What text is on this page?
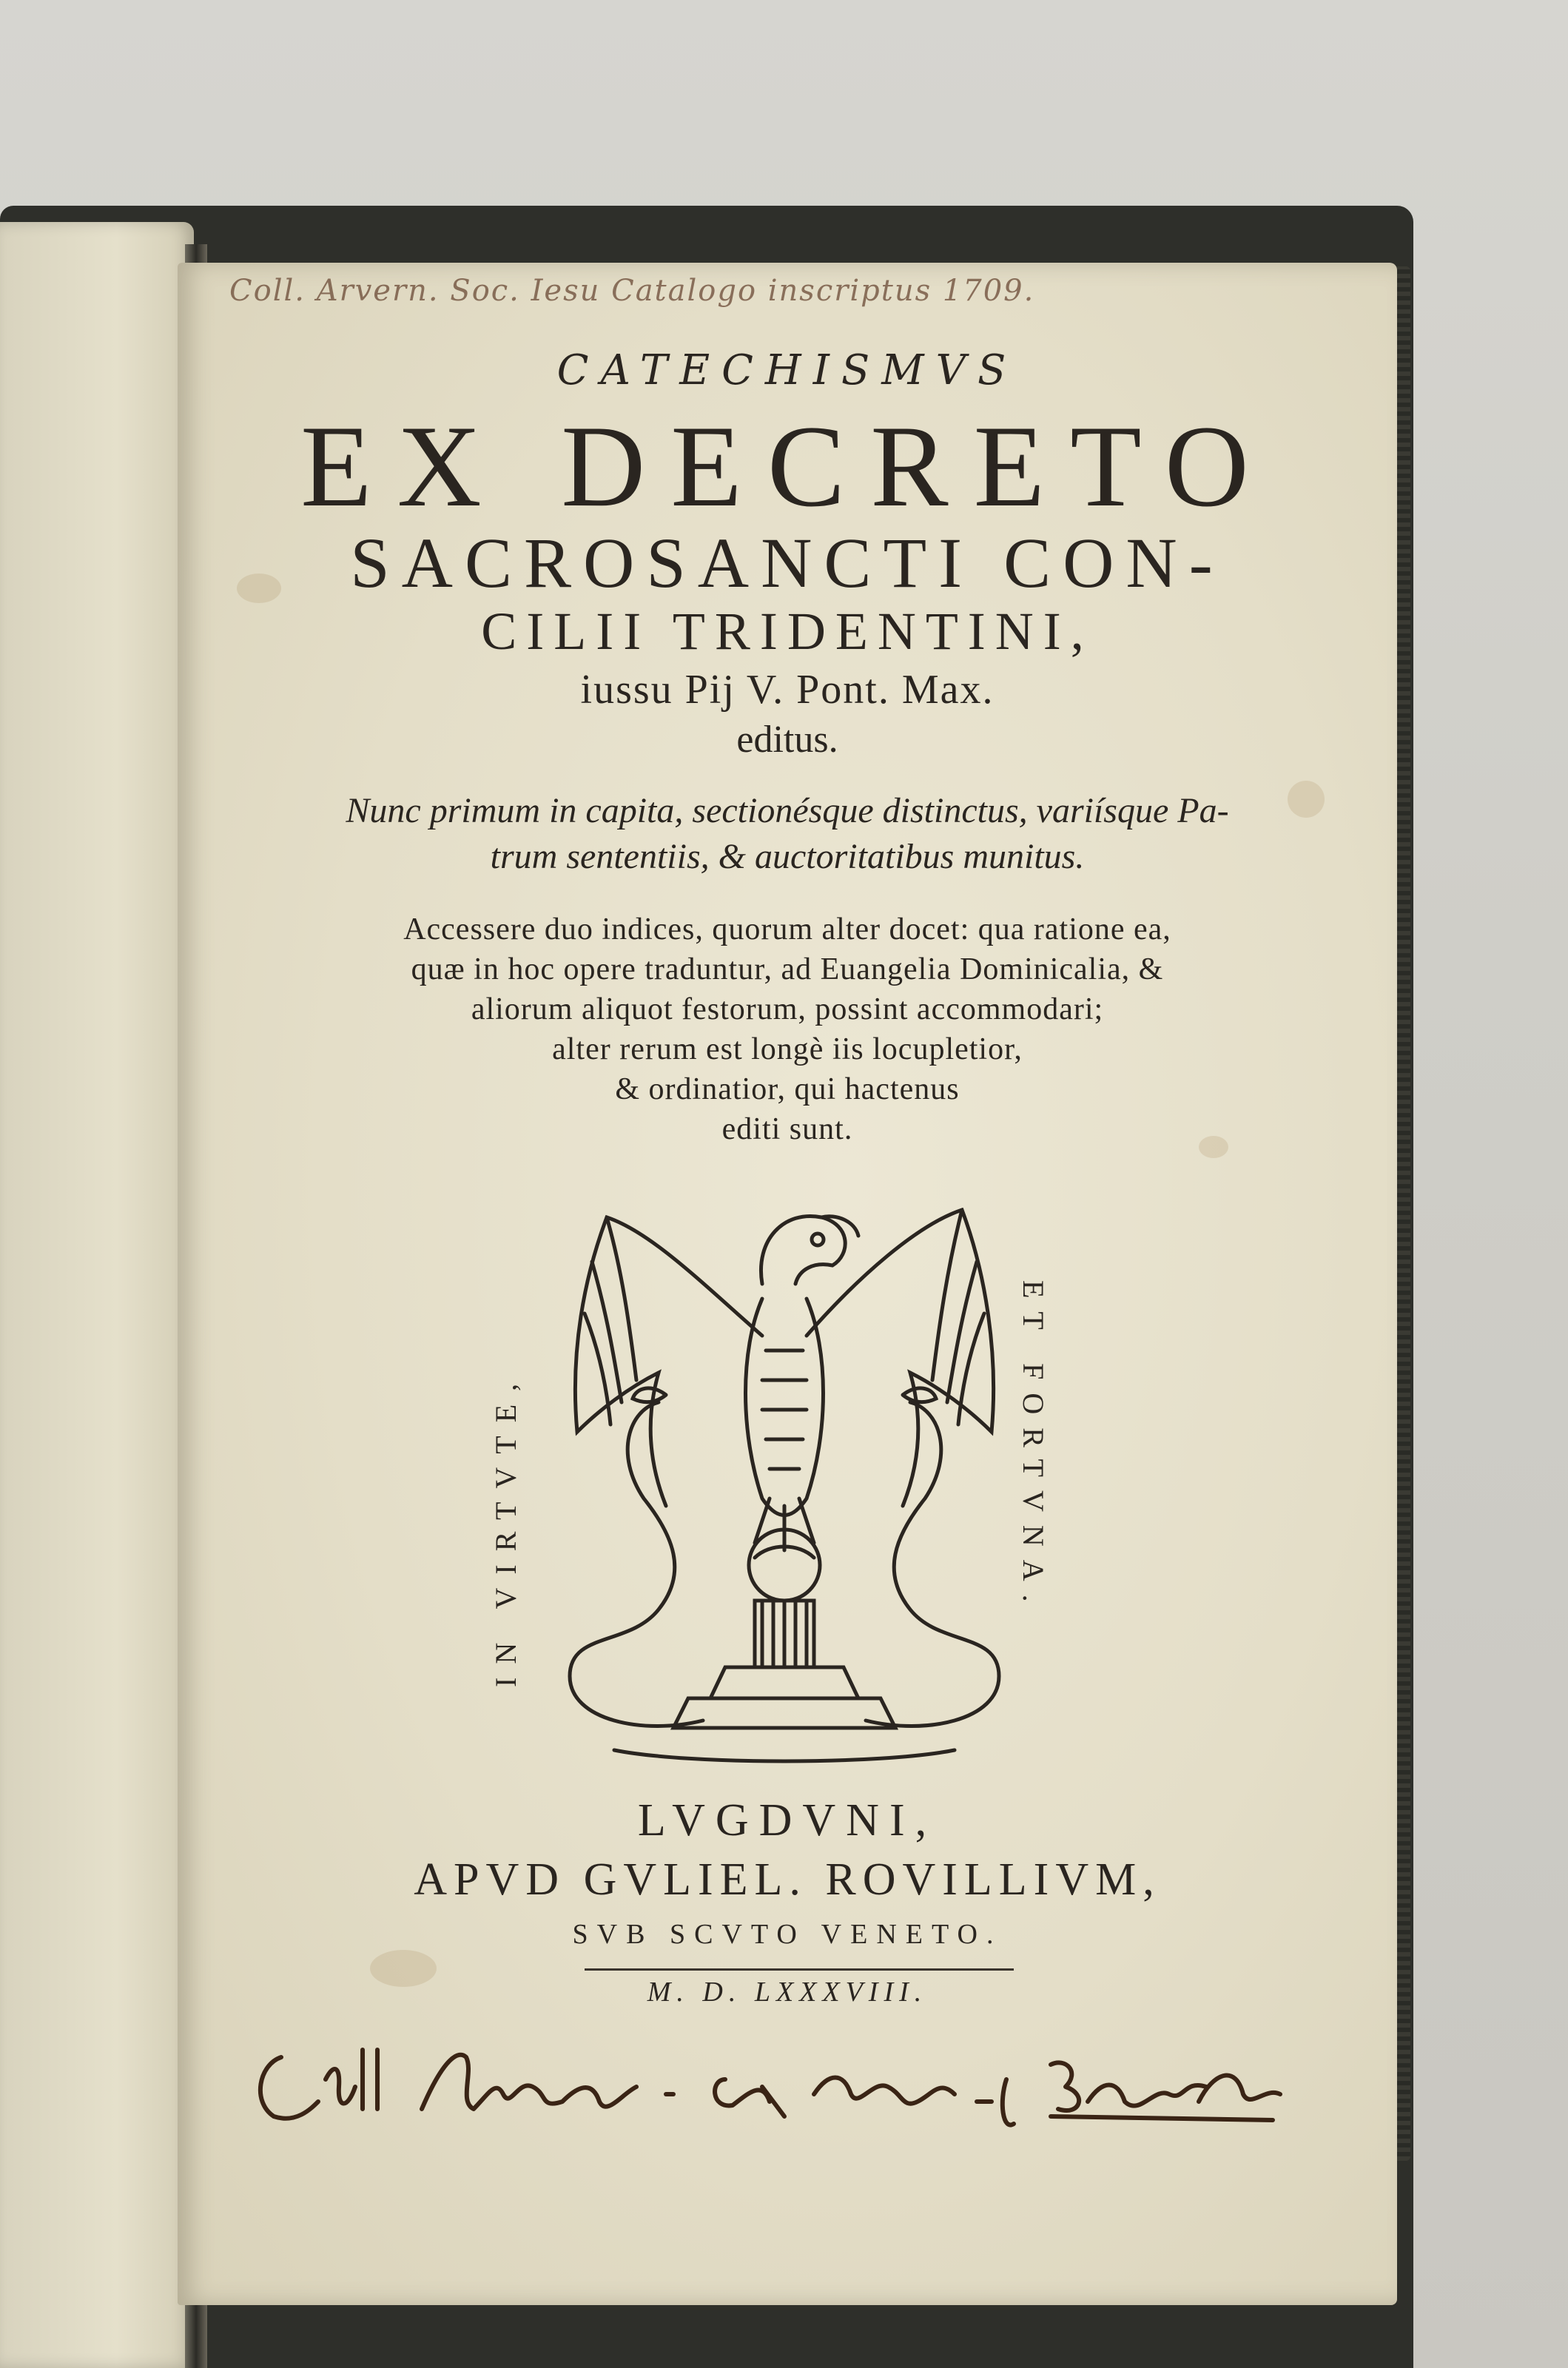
Coll. Arvern. Soc. Iesu Catalogo inscriptus 1709.

CATECHISMVS

EX DECRETO

SACROSANCTI CON-

CILII TRIDENTINI,

iussu Pij V. Pont. Max.

editus.

Nunc primum in capita, sectionésque distinctus, variísque Pa-

trum sententiis, & auctoritatibus munitus.

Accessere duo indices, quorum alter docet: qua ratione ea,

quæ in hoc opere traduntur, ad Euangelia Dominicalia, &

aliorum aliquot festorum, possint accommodari;

alter rerum est longè iis locupletior,

& ordinatior, qui hactenus

editi sunt.

IN VIRTVTE,	ET FORTVNA.

LVGDVNI,

APVD GVLIEL. ROVILLIVM,

SVB SCVTO VENETO.

M. D. LXXXVIII.
